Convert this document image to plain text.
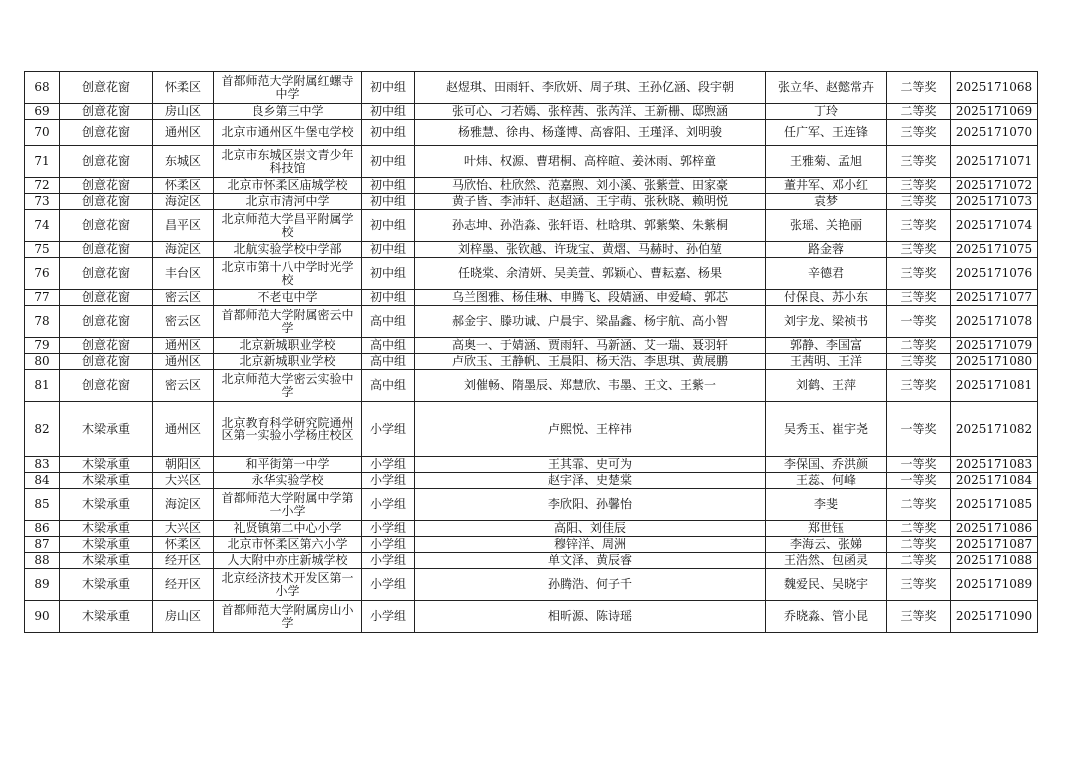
68	创意花窗	怀柔区	首都师范大学附属红螺寺中学	初中组	赵煜琪、田雨轩、李欣妍、周子琪、王孙亿涵、段宇朝	张立华、赵懿常卉	二等奖	2025171068
69	创意花窗	房山区	良乡第三中学	初中组	张可心、刁若嫣、张梓茜、张芮洋、王新栅、邸煦涵	丁玲	二等奖	2025171069
70	创意花窗	通州区	北京市通州区牛堡屯学校	初中组	杨雅慧、徐冉、杨蓬博、高睿阳、王瑾泽、刘明骏	任广军、王连锋	三等奖	2025171070
71	创意花窗	东城区	北京市东城区崇文青少年科技馆	初中组	叶炜、权源、曹珺桐、高梓暄、姜沐雨、郭梓童	王雅菊、孟旭	三等奖	2025171071
72	创意花窗	怀柔区	北京市怀柔区庙城学校	初中组	马欣怡、杜欣然、范嘉煦、刘小溪、张紫萱、田家豪	董井军、邓小红	三等奖	2025171072
73	创意花窗	海淀区	北京市清河中学	初中组	黄子皆、李沛轩、赵超涵、王宇萌、张秋晓、赖明悦	袁梦	三等奖	2025171073
74	创意花窗	昌平区	北京师范大学昌平附属学校	初中组	孙志坤、孙浩淼、张轩语、杜晗琪、郭紫檠、朱紫桐	张瑶、关艳丽	三等奖	2025171074
75	创意花窗	海淀区	北航实验学校中学部	初中组	刘梓墨、张钦越、许珑宝、黄熠、马赫时、孙伯堃	路金蓉	三等奖	2025171075
76	创意花窗	丰台区	北京市第十八中学时光学校	初中组	任晓棠、余清妍、吴美萱、郭颖心、曹耘嘉、杨果	辛德君	三等奖	2025171076
77	创意花窗	密云区	不老屯中学	初中组	乌兰图雅、杨佳琳、申腾飞、段婧涵、申爱崎、郭芯	付保良、苏小东	三等奖	2025171077
78	创意花窗	密云区	首都师范大学附属密云中学	高中组	郝金宇、滕功诚、户晨宇、梁晶鑫、杨宇航、高小智	刘宇龙、梁祯书	一等奖	2025171078
79	创意花窗	通州区	北京新城职业学校	高中组	高奥一、于婧涵、贾雨轩、马新涵、艾一瑞、聂羽轩	郭静、李国富	二等奖	2025171079
80	创意花窗	通州区	北京新城职业学校	高中组	卢欣玉、王静帆、王晨阳、杨天浩、李思琪、黄展鹏	王茜明、王洋	三等奖	2025171080
81	创意花窗	密云区	北京师范大学密云实验中学	高中组	刘催畅、隋墨辰、郑慧欣、韦墨、王文、王紫一	刘鹤、王萍	三等奖	2025171081
82	木梁承重	通州区	北京教育科学研究院通州区第一实验小学杨庄校区	小学组	卢熙悦、王梓祎	吴秀玉、崔宇尧	一等奖	2025171082
83	木梁承重	朝阳区	和平街第一中学	小学组	王其霏、史可为	李保国、乔洪颜	一等奖	2025171083
84	木梁承重	大兴区	永华实验学校	小学组	赵宇泽、史楚棠	王蕊、何峰	一等奖	2025171084
85	木梁承重	海淀区	首都师范大学附属中学第一小学	小学组	李欣阳、孙馨怡	李斐	二等奖	2025171085
86	木梁承重	大兴区	礼贤镇第二中心小学	小学组	高阳、刘佳辰	郑世钰	二等奖	2025171086
87	木梁承重	怀柔区	北京市怀柔区第六小学	小学组	穆锌洋、周洲	李海云、张娣	二等奖	2025171087
88	木梁承重	经开区	人大附中亦庄新城学校	小学组	单文泽、黄辰睿	王浩然、包函灵	二等奖	2025171088
89	木梁承重	经开区	北京经济技术开发区第一小学	小学组	孙腾浩、何子千	魏爱民、吴晓宇	三等奖	2025171089
90	木梁承重	房山区	首都师范大学附属房山小学	小学组	相昕源、陈诗瑶	乔晓淼、管小昆	三等奖	2025171090
